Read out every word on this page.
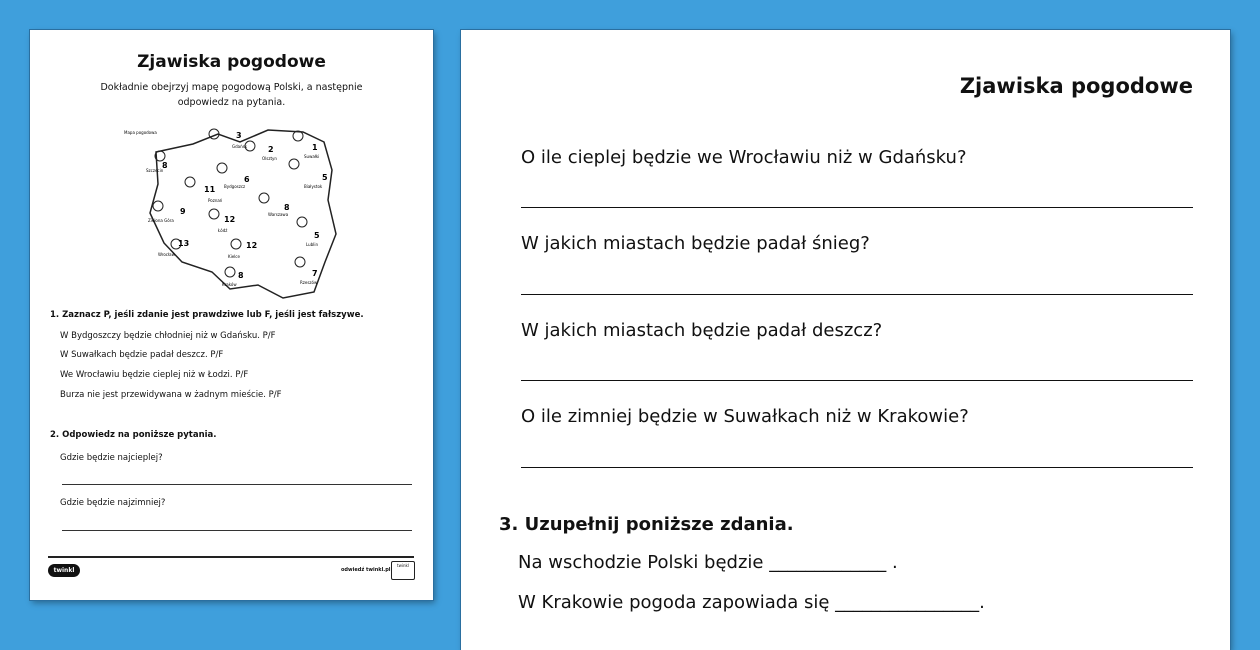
Zjawiska pogodowe
Dokładnie obejrzyj mapę pogodową Polski, a następnie odpowiedz na pytania.
3
2	1
8
5
6
11
8
9
12
5
13	12
8	7
Mapa pogodowa
Gdańsk
Olsztyn	Suwałki
Szczecin
Białystok
Bydgoszcz
Poznań
Warszawa
Zielona Góra
Łódź
Lublin
Wrocław	Kielce
Kraków	Rzeszów
1. Zaznacz P, jeśli zdanie jest prawdziwe lub F, jeśli jest fałszywe.
W Bydgoszczy będzie chłodniej niż w Gdańsku. P/F
W Suwałkach będzie padał deszcz. P/F
We Wrocławiu będzie cieplej niż w Łodzi. P/F
Burza nie jest przewidywana w żadnym mieście. P/F
2. Odpowiedz na poniższe pytania.
Gdzie będzie najcieplej?
Gdzie będzie najzimniej?
twinkl	odwiedź twinkl.pl
twinkl
Zjawiska pogodowe
O ile cieplej będzie we Wrocławiu niż w Gdańsku?
W jakich miastach będzie padał śnieg?
W jakich miastach będzie padał deszcz?
O ile zimniej będzie w Suwałkach niż w Krakowie?
3. Uzupełnij poniższe zdania.
Na wschodzie Polski będzie _____________ .
W Krakowie pogoda zapowiada się ________________.
